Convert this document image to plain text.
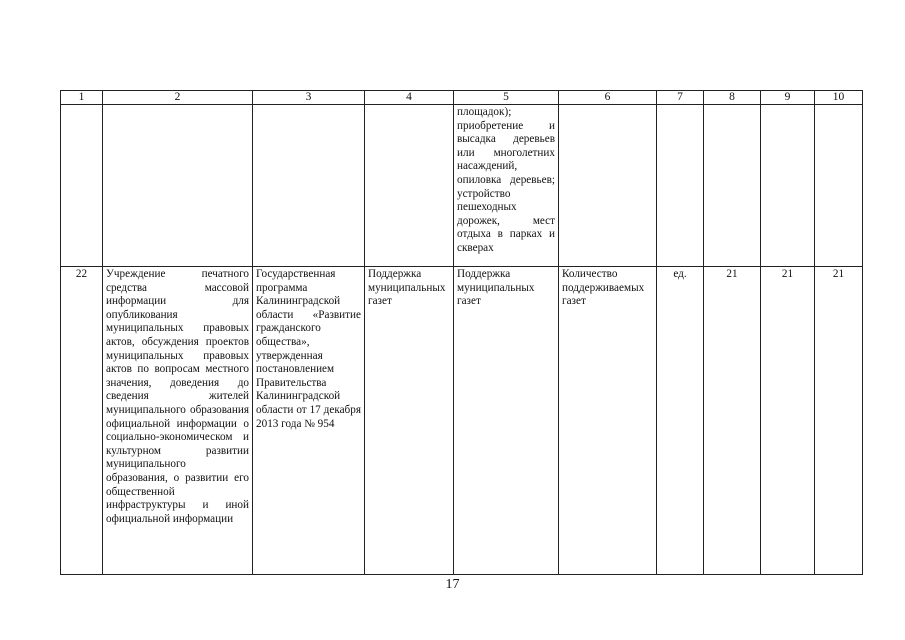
1	2	3	4	5	6	7	8	9	10
				площадок); приобретение и высадка деревьев или многолетних насаждений, опиловка деревьев; устройство пешеходных дорожек, мест отдыха в парках и скверах					
22	Учреждение печатного средства массовой информации для опубликования муниципальных правовых актов, обсуждения проектов муниципальных правовых актов по вопросам местного значения, доведения до сведения жителей муниципального образования официальной информации о социально-экономическом и культурном развитии муниципального образования, о развитии его общественной инфраструктуры и иной официальной информации	Государственная программа Калининградской области «Развитие гражданского общества», утвержденная постановлением Правительства Калининградской области от 17 декабря 2013 года № 954	Поддержка муниципальных газет	Поддержка муниципальных газет	Количество поддерживаемых газет	ед.	21	21	21
17
